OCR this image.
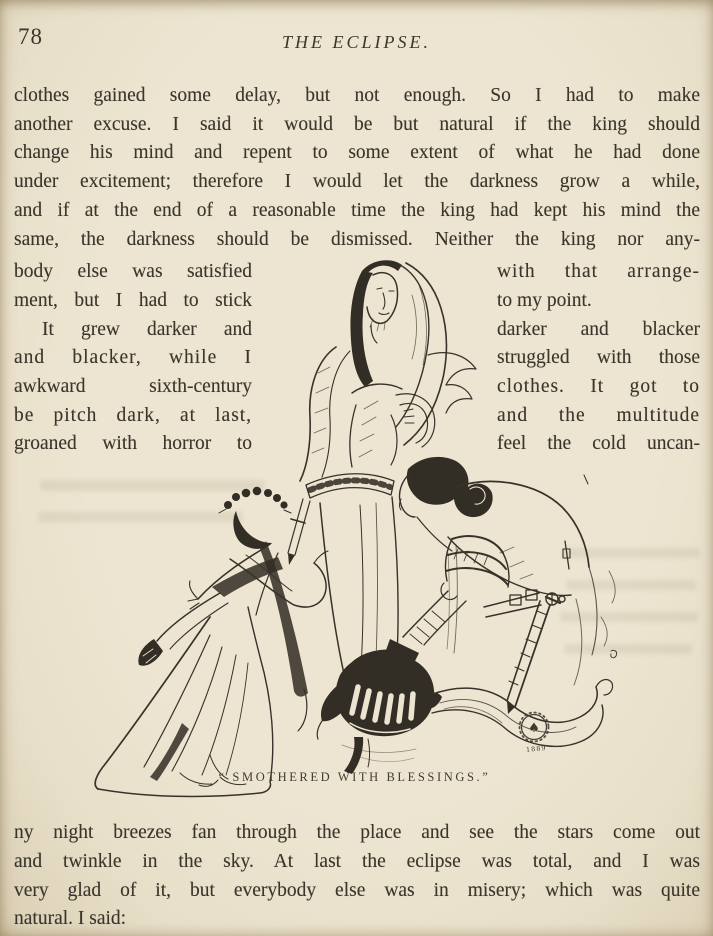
78	THE ECLIPSE.
clothes gained some delay, but not enough. So I had to make
another excuse. I said it would be but natural if the king should
change his mind and repent to some extent of what he had done
under excitement; therefore I would let the darkness grow a while,
and if at the end of a reasonable time the king had kept his mind the
same, the darkness should be dismissed. Neither the king nor any-
body else was satisfied
ment, but I had to stick
It grew darker and
and blacker, while I
awkward sixth-century
be pitch dark, at last,
groaned with horror to
with that arrange-
to my point.
darker and blacker
struggled with those
clothes. It got to
and the multitude
feel the cold uncan-
♠
1889
“ SMOTHERED WITH BLESSINGS.”
ny night breezes fan through the place and see the stars come out
and twinkle in the sky. At last the eclipse was total, and I was
very glad of it, but everybody else was in misery; which was quite
natural. I said:
